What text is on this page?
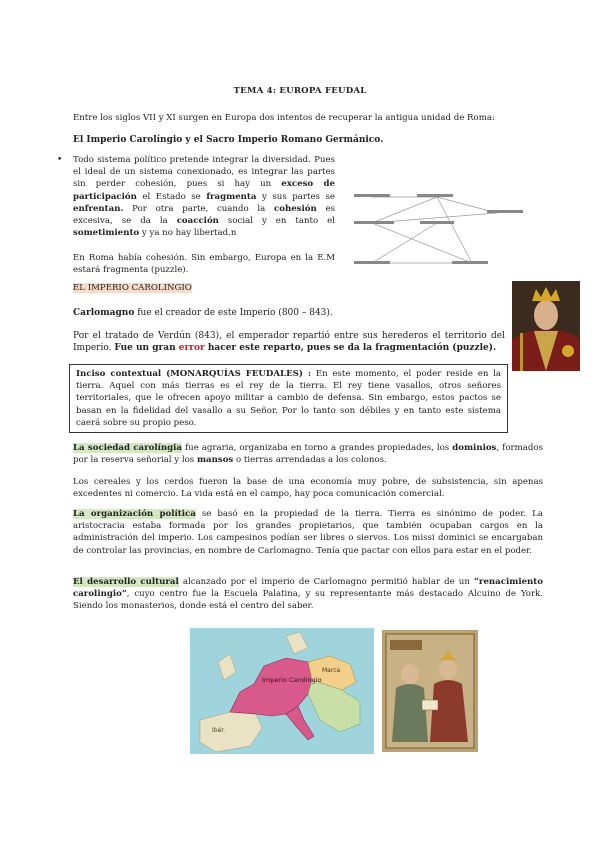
TEMA 4: EUROPA FEUDAL
Entre los siglos VII y XI surgen en Europa dos intentos de recuperar la antigua unidad de Roma:
El Imperio Carolíngio y el Sacro Imperio Romano Germánico.
• Todo sistema político pretende integrar la diversidad. Pues el ideal de un sistema conexionado, es integrar las partes sin perder cohesión, pues si hay un exceso de participación el Estado se fragmenta y sus partes se enfrentan. Por otra parte, cuando la cohesión es excesiva, se da la coacción social y en tanto el sometimiento y ya no hay libertad.n
En Roma había cohesión. Sin embargo, Europa en la E.M estará fragmenta (puzzle).
EL IMPERIO CAROLINGIO
Carlomagno fue el creador de este Imperio (800 – 843).
Por el tratado de Verdún (843), el emperador repartió entre sus herederos el territorio del Imperio. Fue un gran error hacer este reparto, pues se da la fragmentación (puzzle).
Inciso contextual (MONARQUÍAS FEUDALES) : En este momento, el poder reside en la tierra. Aquel con más tierras es el rey de la tierra. El rey tiene vasallos, otros señores territoriales, que le ofrecen apoyo militar a cambio de defensa. Sin embargo, estos pactos se basan en la fidelidad del vasallo a su Señor. Por lo tanto son débiles y en tanto este sistema caerá sobre su propio peso.
La sociedad carolíngia fue agraria, organizaba en torno a grandes propiedades, los dominios, formados por la reserva señorial y los mansos o tierras arrendadas a los colonos.
Los cereales y los cerdos fueron la base de una economía muy pobre, de subsistencia, sin apenas excedentes ni comercio. La vida está en el campo, hay poca comunicación comercial.
La organización política se basó en la propiedad de la tierra. Tierra es sinónimo de poder. La aristocracia estaba formada por los grandes propietarios, que también ocupaban cargos en la administración del imperio. Los campesinos podían ser libres o siervos. Los missi dominici se encargaban de controlar las provincias, en nombre de Carlomagno. Tenía que pactar con ellos para estar en el poder.
El desarrollo cultural alcanzado por el imperio de Carlomagno permitió hablar de un “renacimiento carolingio”, cuyo centro fue la Escuela Palatina, y su representante más destacado Alcuino de York. Siendo los monasterios, donde está el centro del saber.
Imperio Carolingio
Marca
Ibér.
